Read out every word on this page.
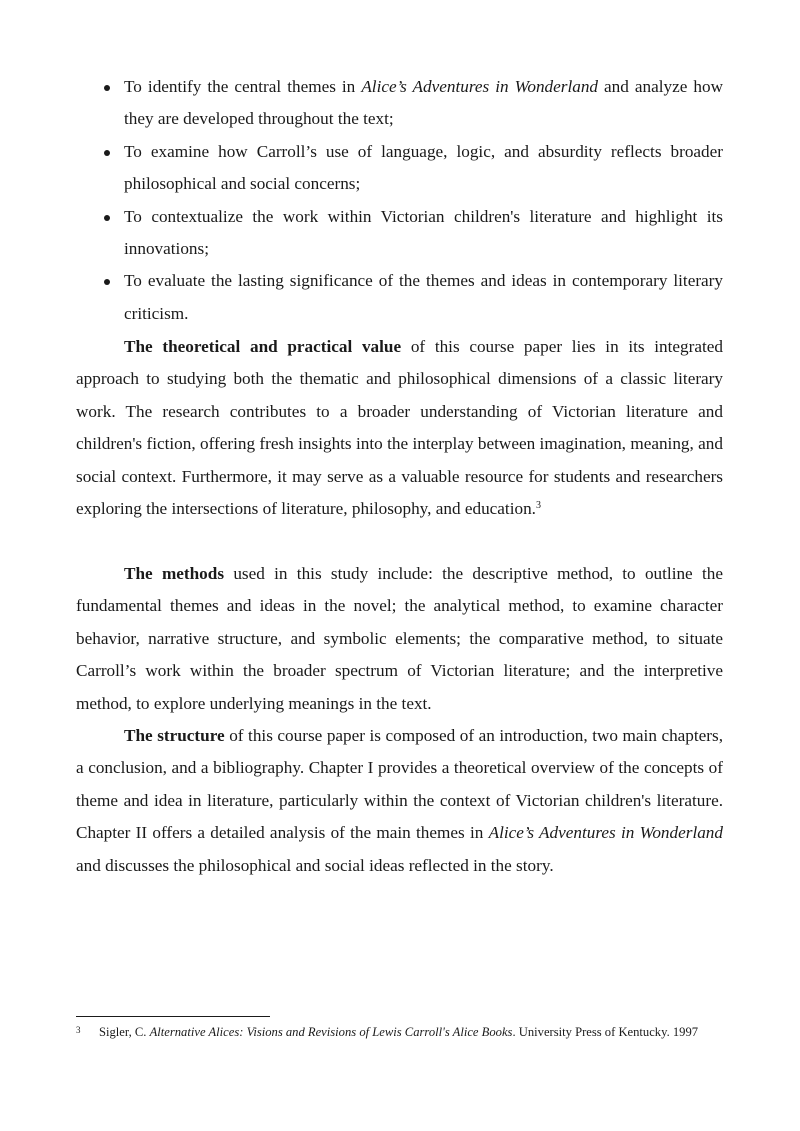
To identify the central themes in Alice’s Adventures in Wonderland and analyze how they are developed throughout the text;
To examine how Carroll’s use of language, logic, and absurdity reflects broader philosophical and social concerns;
To contextualize the work within Victorian children's literature and highlight its innovations;
To evaluate the lasting significance of the themes and ideas in contemporary literary criticism.

The theoretical and practical value of this course paper lies in its integrated approach to studying both the thematic and philosophical dimensions of a classic literary work. The research contributes to a broader understanding of Victorian literature and children's fiction, offering fresh insights into the interplay between imagination, meaning, and social context. Furthermore, it may serve as a valuable resource for students and researchers exploring the intersections of literature, philosophy, and education.$^3$

The methods used in this study include: the descriptive method, to outline the fundamental themes and ideas in the novel; the analytical method, to examine character behavior, narrative structure, and symbolic elements; the comparative method, to situate Carroll’s work within the broader spectrum of Victorian literature; and the interpretive method, to explore underlying meanings in the text.

The structure of this course paper is composed of an introduction, two main chapters, a conclusion, and a bibliography. Chapter I provides a theoretical overview of the concepts of theme and idea in literature, particularly within the context of Victorian children's literature. Chapter II offers a detailed analysis of the main themes in Alice’s Adventures in Wonderland and discusses the philosophical and social ideas reflected in the story.

3	Sigler, C. Alternative Alices: Visions and Revisions of Lewis Carroll's Alice Books. University Press of Kentucky. 1997
